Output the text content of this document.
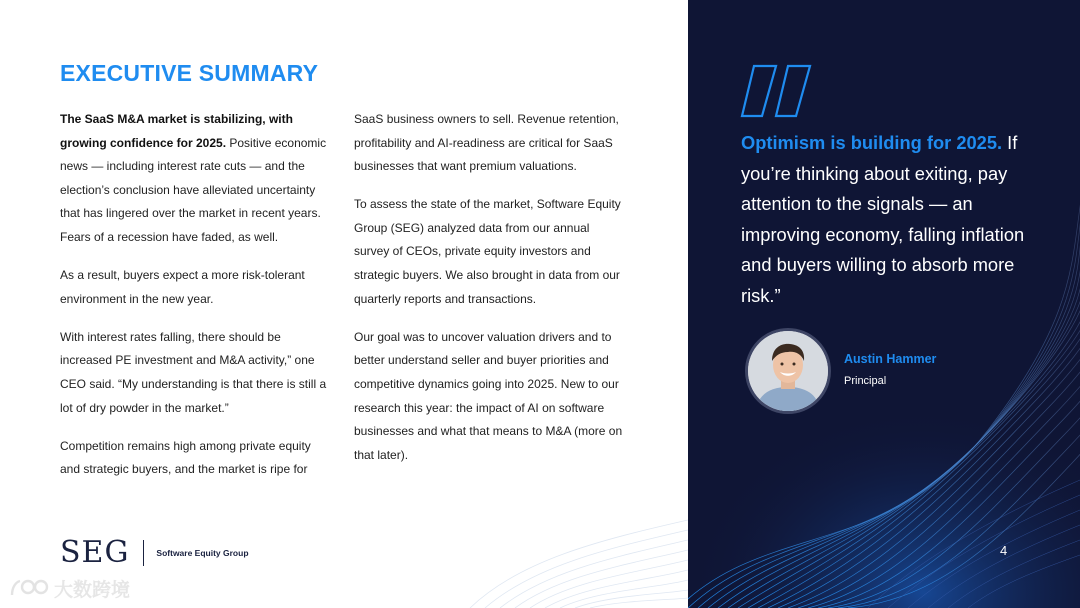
EXECUTIVE SUMMARY

The SaaS M&A market is stabilizing, with growing confidence for 2025. Positive economic news — including interest rate cuts — and the election’s conclusion have alleviated uncertainty that has lingered over the market in recent years. Fears of a recession have faded, as well.

As a result, buyers expect a more risk-tolerant environment in the new year.

With interest rates falling, there should be increased PE investment and M&A activity,” one CEO said. “My understanding is that there is still a lot of dry powder in the market.”

Competition remains high among private equity and strategic buyers, and the market is ripe for

SaaS business owners to sell. Revenue retention, profitability and AI-readiness are critical for SaaS businesses that want premium valuations.

To assess the state of the market, Software Equity Group (SEG) analyzed data from our annual survey of CEOs, private equity investors and strategic buyers. We also brought in data from our quarterly reports and transactions.

Our goal was to uncover valuation drivers and to better understand seller and buyer priorities and competitive dynamics going into 2025. New to our research this year: the impact of AI on software businesses and what that means to M&A (more on that later).

SEG	Software Equity Group
大数跨境

Optimism is building for 2025. If you’re thinking about exiting, pay attention to the signals — an improving economy, falling inflation and buyers willing to absorb more risk.”

Austin Hammer

Principal

4
